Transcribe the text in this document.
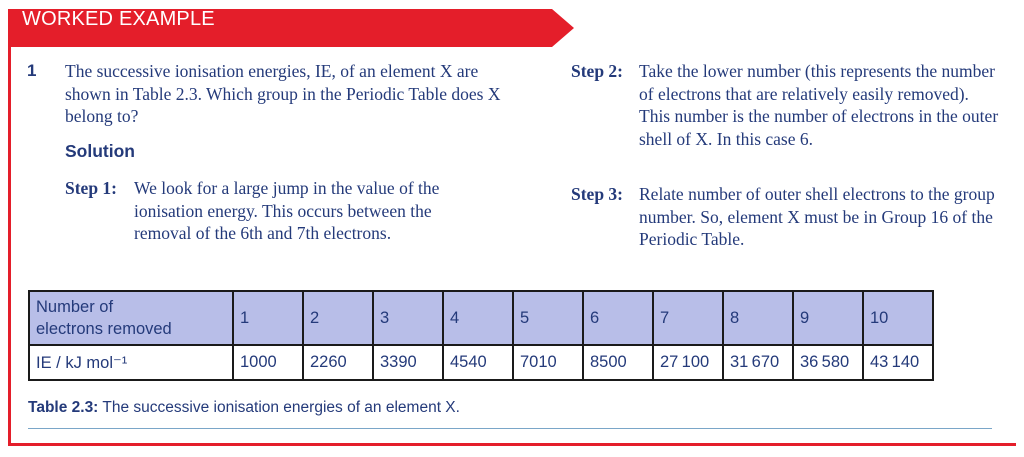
WORKED EXAMPLE
1 The successive ionisation energies, IE, of an element X are shown in Table 2.3. Which group in the Periodic Table does X belong to?

Solution
Step 1: We look for a large jump in the value of the ionisation energy. This occurs between the removal of the 6th and 7th electrons.
Step 2: Take the lower number (this represents the number of electrons that are relatively easily removed). This number is the number of electrons in the outer shell of X. In this case 6.
Step 3: Relate number of outer shell electrons to the group number. So, element X must be in Group 16 of the Periodic Table.
Number of
electrons removed	1	2	3	4	5	6	7	8	9	10
IE / kJ mol⁻¹	1000	2260	3390	4540	7010	8500	27 100	31 670	36 580	43 140
Table 2.3: The successive ionisation energies of an element X.
